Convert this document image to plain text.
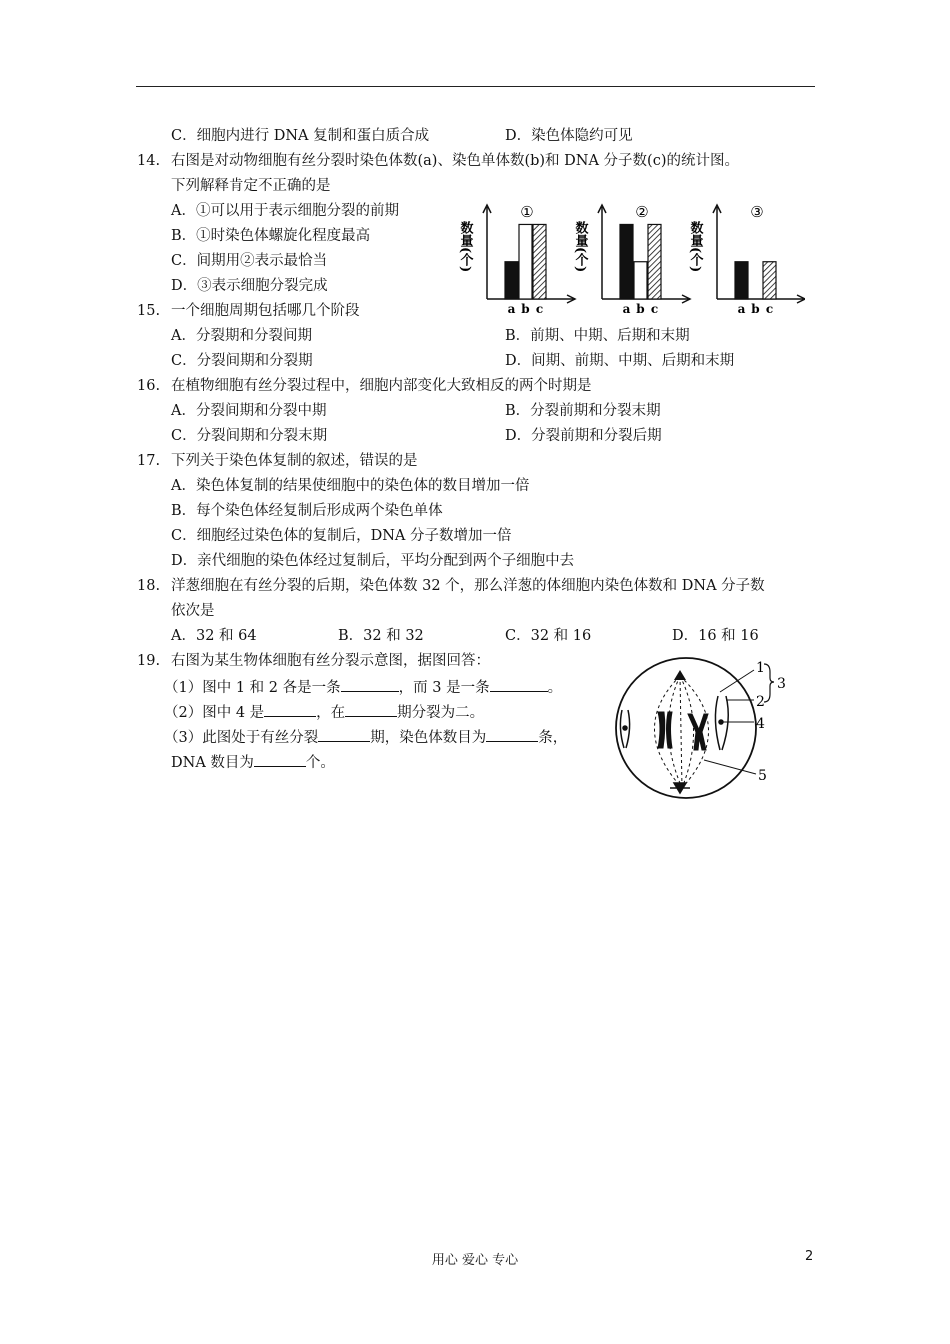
C．细胞内进行 DNA 复制和蛋白质合成	D．染色体隐约可见
14. 右图是对动物细胞有丝分裂时染色体数(a)、染色单体数(b)和 DNA 分子数(c)的统计图。
下列解释肯定不正确的是
A．①可以用于表示细胞分裂的前期
B．①时染色体螺旋化程度最高
C．间期用②表示最恰当
D．③表示细胞分裂完成
数量(个)
①
a b c
数量(个)
②
a b c
数量(个)
③
a b c
15. 一个细胞周期包括哪几个阶段
A．分裂期和分裂间期	B．前期、中期、后期和末期
C．分裂间期和分裂期	D．间期、前期、中期、后期和末期
16. 在植物细胞有丝分裂过程中，细胞内部变化大致相反的两个时期是
A．分裂间期和分裂中期	B．分裂前期和分裂末期
C．分裂间期和分裂末期	D．分裂前期和分裂后期
17. 下列关于染色体复制的叙述，错误的是
A．染色体复制的结果使细胞中的染色体的数目增加一倍
B．每个染色体经复制后形成两个染色单体
C．细胞经过染色体的复制后，DNA 分子数增加一倍
D．亲代细胞的染色体经过复制后，平均分配到两个子细胞中去
18. 洋葱细胞在有丝分裂的后期，染色体数 32 个，那么洋葱的体细胞内染色体数和 DNA 分子数
依次是
A．32 和 64	B．32 和 32	C．32 和 16	D．16 和 16
19. 右图为某生物体细胞有丝分裂示意图，据图回答：
（1）图中 1 和 2 各是一条	，而 3 是一条	。
（2）图中 4 是	，在	期分裂为二。
（3）此图处于有丝分裂	期，染色体数目为	条，
DNA 数目为	个。
1
2
3
4
5
用心 爱心 专心	2
